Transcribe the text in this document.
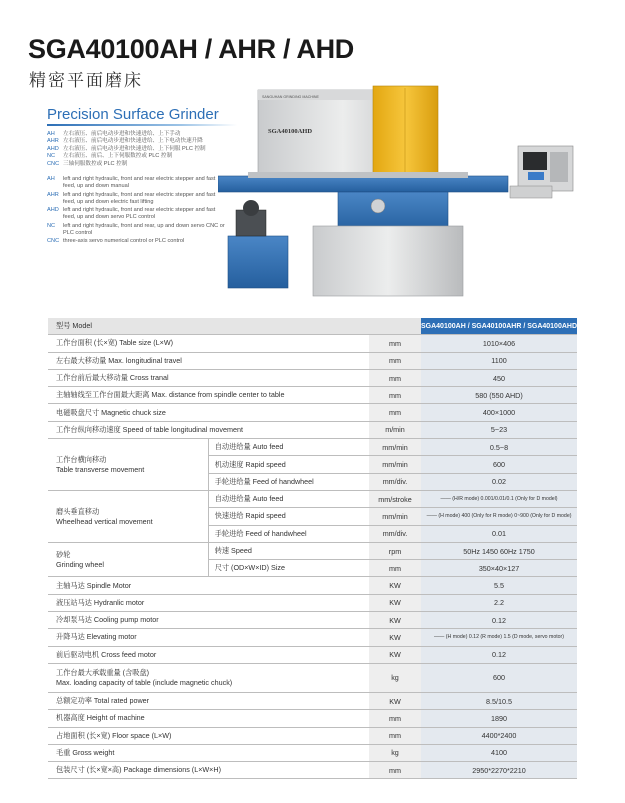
SGA40100AH / AHR / AHD
精密平面磨床
Precision Surface Grinder
AH 左右液压、前后电动步进和快速进给、上下手动
AHR 左右液压、前后电动步进和快速进给、上下电动快速升降
AHD 左右液压、前后电动步进和快速进给、上下伺服 PLC 控制
NC 左右液压、前后、上下伺服数控或 PLC 控制
CNC 三轴伺服数控或 PLC 控制
AH	left and right hydraulic, front and rear electric stepper and fast feed, up and down manual
AHR left and right hydraulic, front and rear electric stepper and fast feed, up and down electric fast lifting
AHD left and right hydraulic, front and rear electric stepper and fast feed, up and down servo PLC control
NC	left and right hydraulic, front and rear, up and down servo CNC or PLC control
CNC three-axis servo numerical control or PLC control
SANGUHAN GRINDING MACHINE
SGA40100AHD
型号 Model			SGA40100AH / SGA40100AHR / SGA40100AHD
工作台面积 (长×宽) Table size (L×W)		mm	1010×406
左右最大移动量 Max. longitudinal travel		mm	1100
工作台前后最大移动量 Cross tranal		mm	450
主轴轴线至工作台面最大距离 Max. distance from spindle center to table		mm	580 (550 AHD)
电磁吸盘尺寸 Magnetic chuck size		mm	400×1000
工作台纵向移动速度 Speed of table longitudinal movement		m/min	5~23
工作台横向移动
Table transverse movement	自动进给量 Auto feed	mm/min	0.5~8
	机动速度 Rapid speed	mm/min	600
	手轮进给量 Feed of handwheel	mm/div.	0.02
磨头垂直移动
Wheelhead vertical movement	自动进给量 Auto feed	mm/stroke	—— (H/R mode) 0.001/0.01/0.1 (Only for D model)
	快速进给 Rapid speed	mm/min	—— (H mode) 400 (Only for R mode) 0~900 (Only for D mode)
	手轮进给 Feed of handwheel	mm/div.	0.01
砂轮
Grinding wheel	转速 Speed	rpm	50Hz 1450 60Hz 1750
	尺寸 (OD×W×ID) Size	mm	350×40×127
主轴马达 Spindle Motor		KW	5.5
液压站马达 Hydranlic motor		KW	2.2
冷却泵马达 Cooling pump motor		KW	0.12
升降马达 Elevating motor		KW	—— (H mode) 0.12 (R mode) 1.5 (D mode, servo motor)
前后驱动电机 Cross feed motor		KW	0.12
工作台最大承载重量 (含吸盘)
Max. loading capacity of table (include magnetic chuck)		kg	600
总额定功率 Total rated power		KW	8.5/10.5
机器高度 Height of machine		mm	1890
占地面积 (长×宽) Floor space (L×W)		mm	4400*2400
毛重 Gross weight		kg	4100
包装尺寸 (长×宽×高) Package dimensions (L×W×H)		mm	2950*2270*2210
